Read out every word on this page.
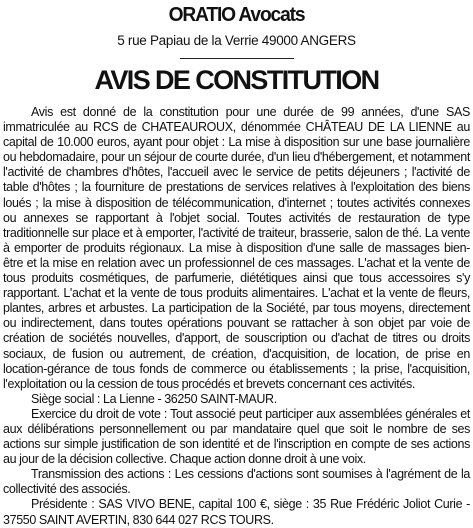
ORATIO Avocats
5 rue Papiau de la Verrie 49000 ANGERS
AVIS DE CONSTITUTION

Avis est donné de la constitution pour une durée de 99 années, d'une SAS immatriculée au RCS de CHATEAUROUX, dénommée CHÂTEAU DE LA LIENNE au capital de 10.000 euros, ayant pour objet : La mise à disposition sur une base journalière ou hebdomadaire, pour un séjour de courte durée, d'un lieu d'hébergement, et notamment l'activité de chambres d'hôtes, l'accueil avec le service de petits déjeuners ; l'activité de table d'hôtes ; la fourniture de prestations de services relatives à l'exploitation des biens loués ; la mise à disposition de télécommunication, d'internet ; toutes activités connexes ou annexes se rapportant à l'objet social. Toutes activités de restauration de type traditionnelle sur place et à emporter, l'activité de traiteur, brasserie, salon de thé. La vente à emporter de produits régionaux. La mise à disposition d'une salle de massages bien-être et la mise en relation avec un professionnel de ces massages. L'achat et la vente de tous produits cosmétiques, de parfumerie, diététiques ainsi que tous accessoires s'y rapportant. L'achat et la vente de tous produits alimentaires. L'achat et la vente de fleurs, plantes, arbres et arbustes. La participation de la Société, par tous moyens, directement ou indirectement, dans toutes opérations pouvant se rattacher à son objet par voie de création de sociétés nouvelles, d'apport, de souscription ou d'achat de titres ou droits sociaux, de fusion ou autrement, de création, d'acquisition, de location, de prise en location-gérance de tous fonds de commerce ou établissements ; la prise, l'acquisition, l'exploitation ou la cession de tous procédés et brevets concernant ces activités.

Siège social : La Lienne - 36250 SAINT-MAUR.

Exercice du droit de vote : Tout associé peut participer aux assemblées générales et aux délibérations personnellement ou par mandataire quel que soit le nombre de ses actions sur simple justification de son identité et de l'inscription en compte de ses actions au jour de la décision collective. Chaque action donne droit à une voix.

Transmission des actions : Les cessions d'actions sont soumises à l'agrément de la collectivité des associés.

Présidente : SAS VIVO BENE, capital 100 €, siège : 35 Rue Frédéric Joliot Curie - 37550 SAINT AVERTIN, 830 644 027 RCS TOURS.
